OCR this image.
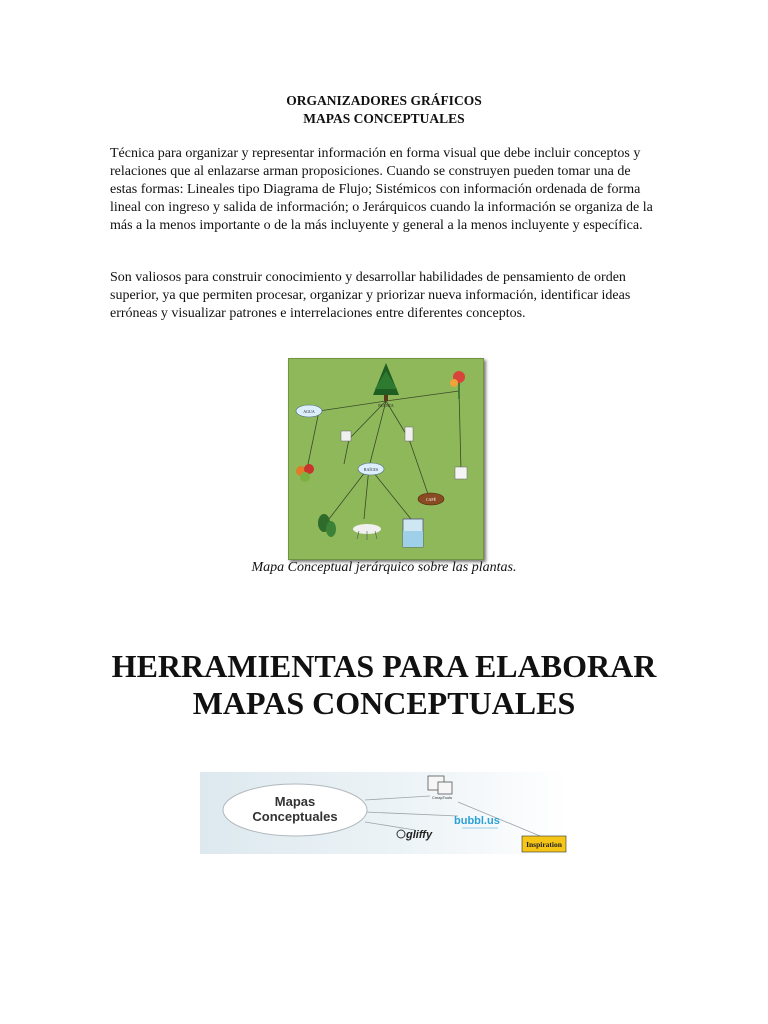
ORGANIZADORES GRÁFICOS
MAPAS CONCEPTUALES

Técnica para organizar y representar información en forma visual que debe incluir conceptos y relaciones que al enlazarse arman proposiciones. Cuando se construyen pueden tomar una de estas formas: Lineales tipo Diagrama de Flujo; Sistémicos con información ordenada de forma lineal con ingreso y salida de información; o Jerárquicos cuando la información se organiza de la más a la menos importante o de la más incluyente y general a la menos incluyente y específica.

Son valiosos para construir conocimiento y desarrollar habilidades de pensamiento de orden superior, ya que permiten procesar, organizar y priorizar nueva información, identificar ideas erróneas y visualizar patrones e interrelaciones entre diferentes conceptos.

PLANTA
AGUA
RAÍCES
CAFÉ
Mapa Conceptual jerárquico sobre las plantas.
HERRAMIENTAS PARA ELABORAR
MAPAS CONCEPTUALES
Mapas
Conceptuales
CmapTools
gliffy
bubbl.us
Inspiration
